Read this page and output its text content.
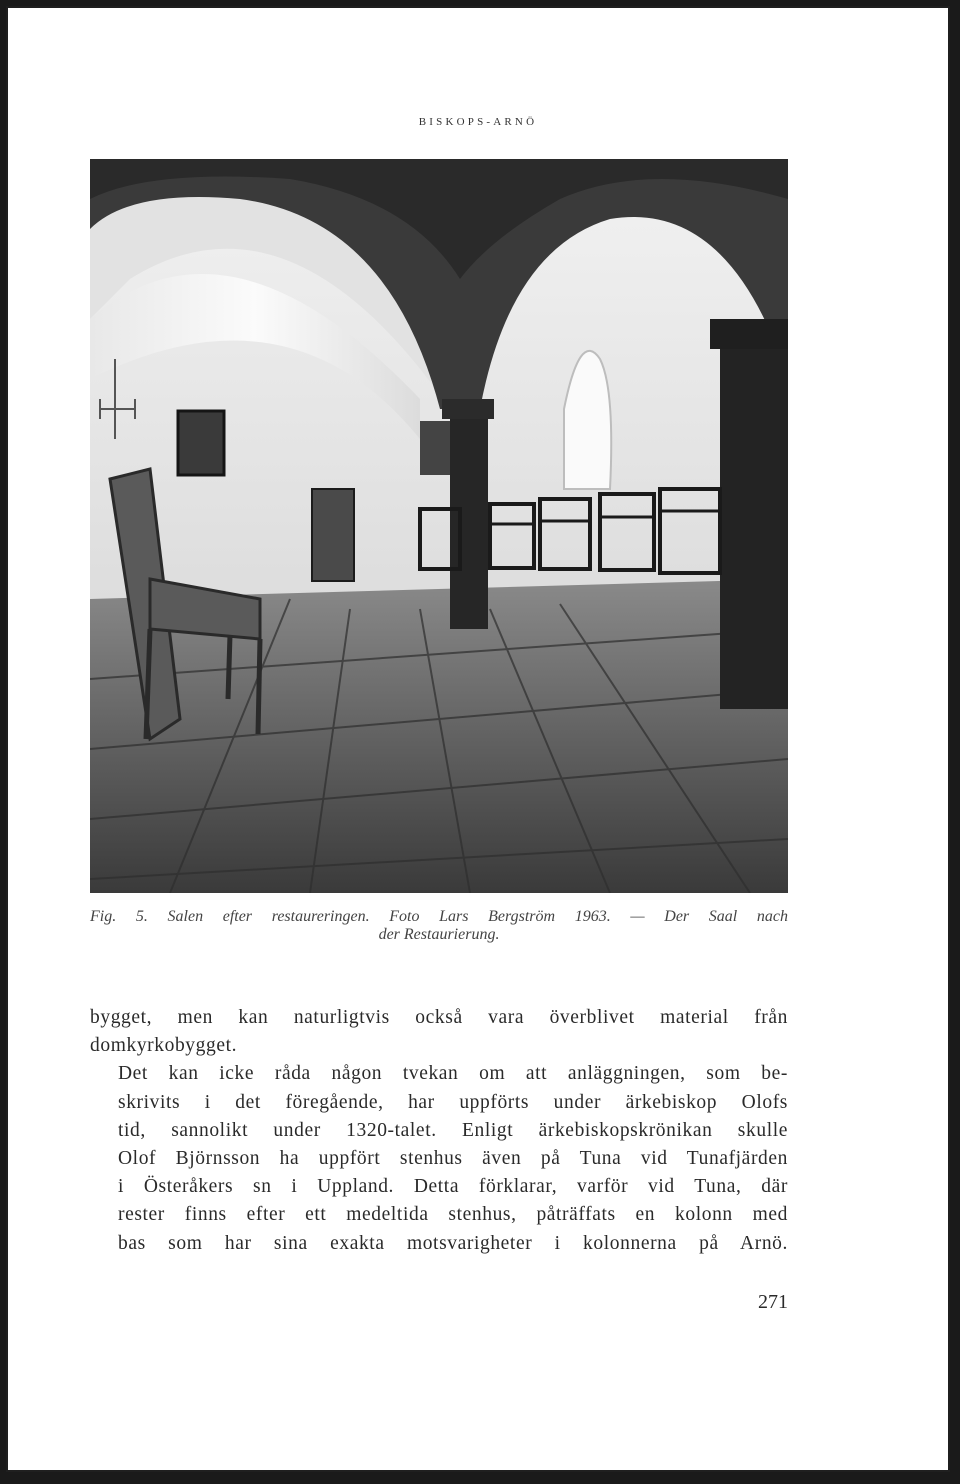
BISKOPS-ARNÖ
Fig. 5. Salen efter restaureringen. Foto Lars Bergström 1963. — Der Saal nach
der Restaurierung.

bygget, men kan naturligtvis också vara överblivet material från
domkyrkobygget.

Det kan icke råda någon tvekan om att anläggningen, som be-
skrivits i det föregående, har uppförts under ärkebiskop Olofs
tid, sannolikt under 1320-talet. Enligt ärkebiskopskrönikan skulle
Olof Björnsson ha uppfört stenhus även på Tuna vid Tunafjärden
i Österåkers sn i Uppland. Detta förklarar, varför vid Tuna, där
rester finns efter ett medeltida stenhus, påträffats en kolonn med
bas som har sina exakta motsvarigheter i kolonnerna på Arnö.

271
